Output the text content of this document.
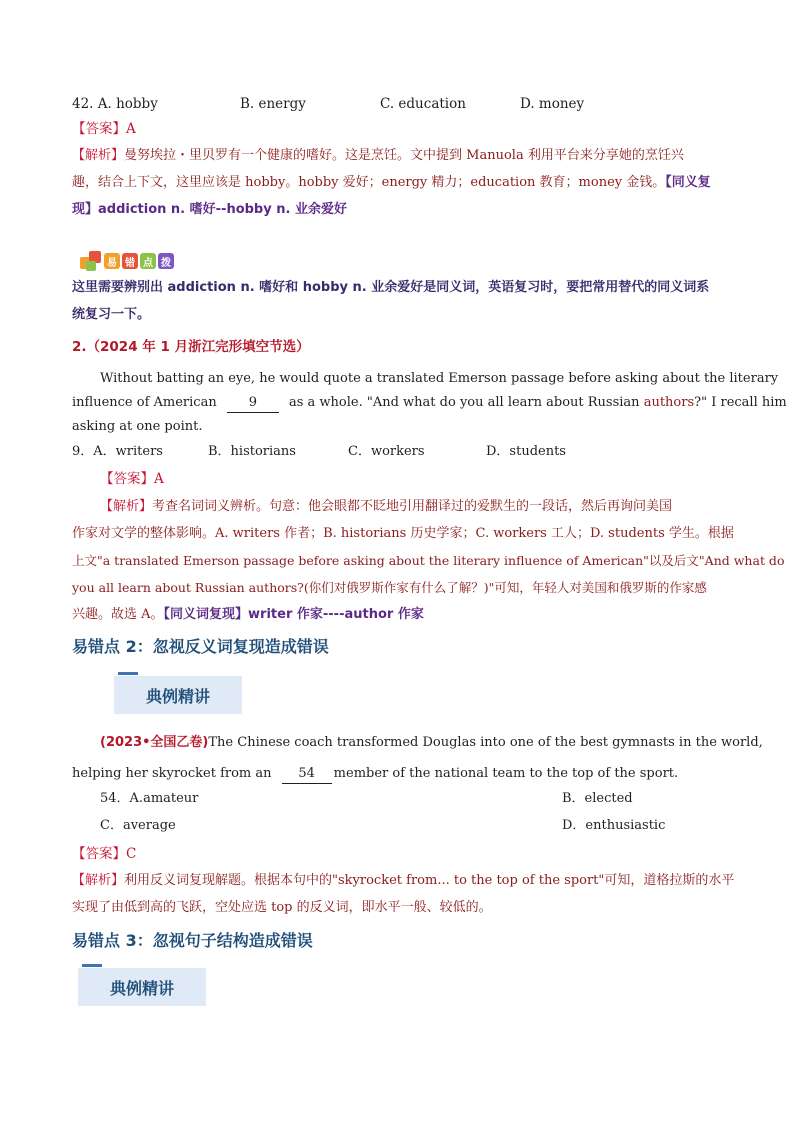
42. A. hobby	B. energy	C. education	D. money
【答案】A
【解析】曼努埃拉・里贝罗有一个健康的嗜好。这是烹饪。文中提到 Manuola 利用平台来分享她的烹饪兴
趣，结合上下文，这里应该是 hobby。hobby 爱好；energy 精力；education 教育；money 金钱。【同义复
现】addiction n. 嗜好--hobby n. 业余爱好
易 错 点 拨
这里需要辨别出 addiction n. 嗜好和 hobby n. 业余爱好是同义词，英语复习时，要把常用替代的同义词系
统复习一下。
2.（2024 年 1 月浙江完形填空节选）
Without batting an eye, he would quote a translated Emerson passage before asking about the literary
influence of American 9 as a whole. "And what do you all learn about Russian authors?" I recall him
asking at one point.
9．A．writers	B．historians	C．workers	D．students
【答案】A
【解析】考查名词词义辨析。句意：他会眼都不眨地引用翻译过的爱默生的一段话，然后再询问美国
作家对文学的整体影响。A. writers 作者；B. historians 历史学家；C. workers 工人；D. students 学生。根据
上文"a translated Emerson passage before asking about the literary influence of American"以及后文"And what do
you all learn about Russian authors?(你们对俄罗斯作家有什么了解？)"可知，年轻人对美国和俄罗斯的作家感
兴趣。故选 A。【同义词复现】writer 作家----author 作家
易错点 2：忽视反义词复现造成错误
典例精讲
(2023•全国乙卷)The Chinese coach transformed Douglas into one of the best gymnasts in the world,
helping her skyrocket from an 54 member of the national team to the top of the sport.
54．A.amateur	B．elected
C．average	D．enthusiastic
【答案】C
【解析】利用反义词复现解题。根据本句中的"skyrocket from... to the top of the sport"可知，道格拉斯的水平
实现了由低到高的飞跃，空处应选 top 的反义词，即水平一般、较低的。
易错点 3：忽视句子结构造成错误
典例精讲
